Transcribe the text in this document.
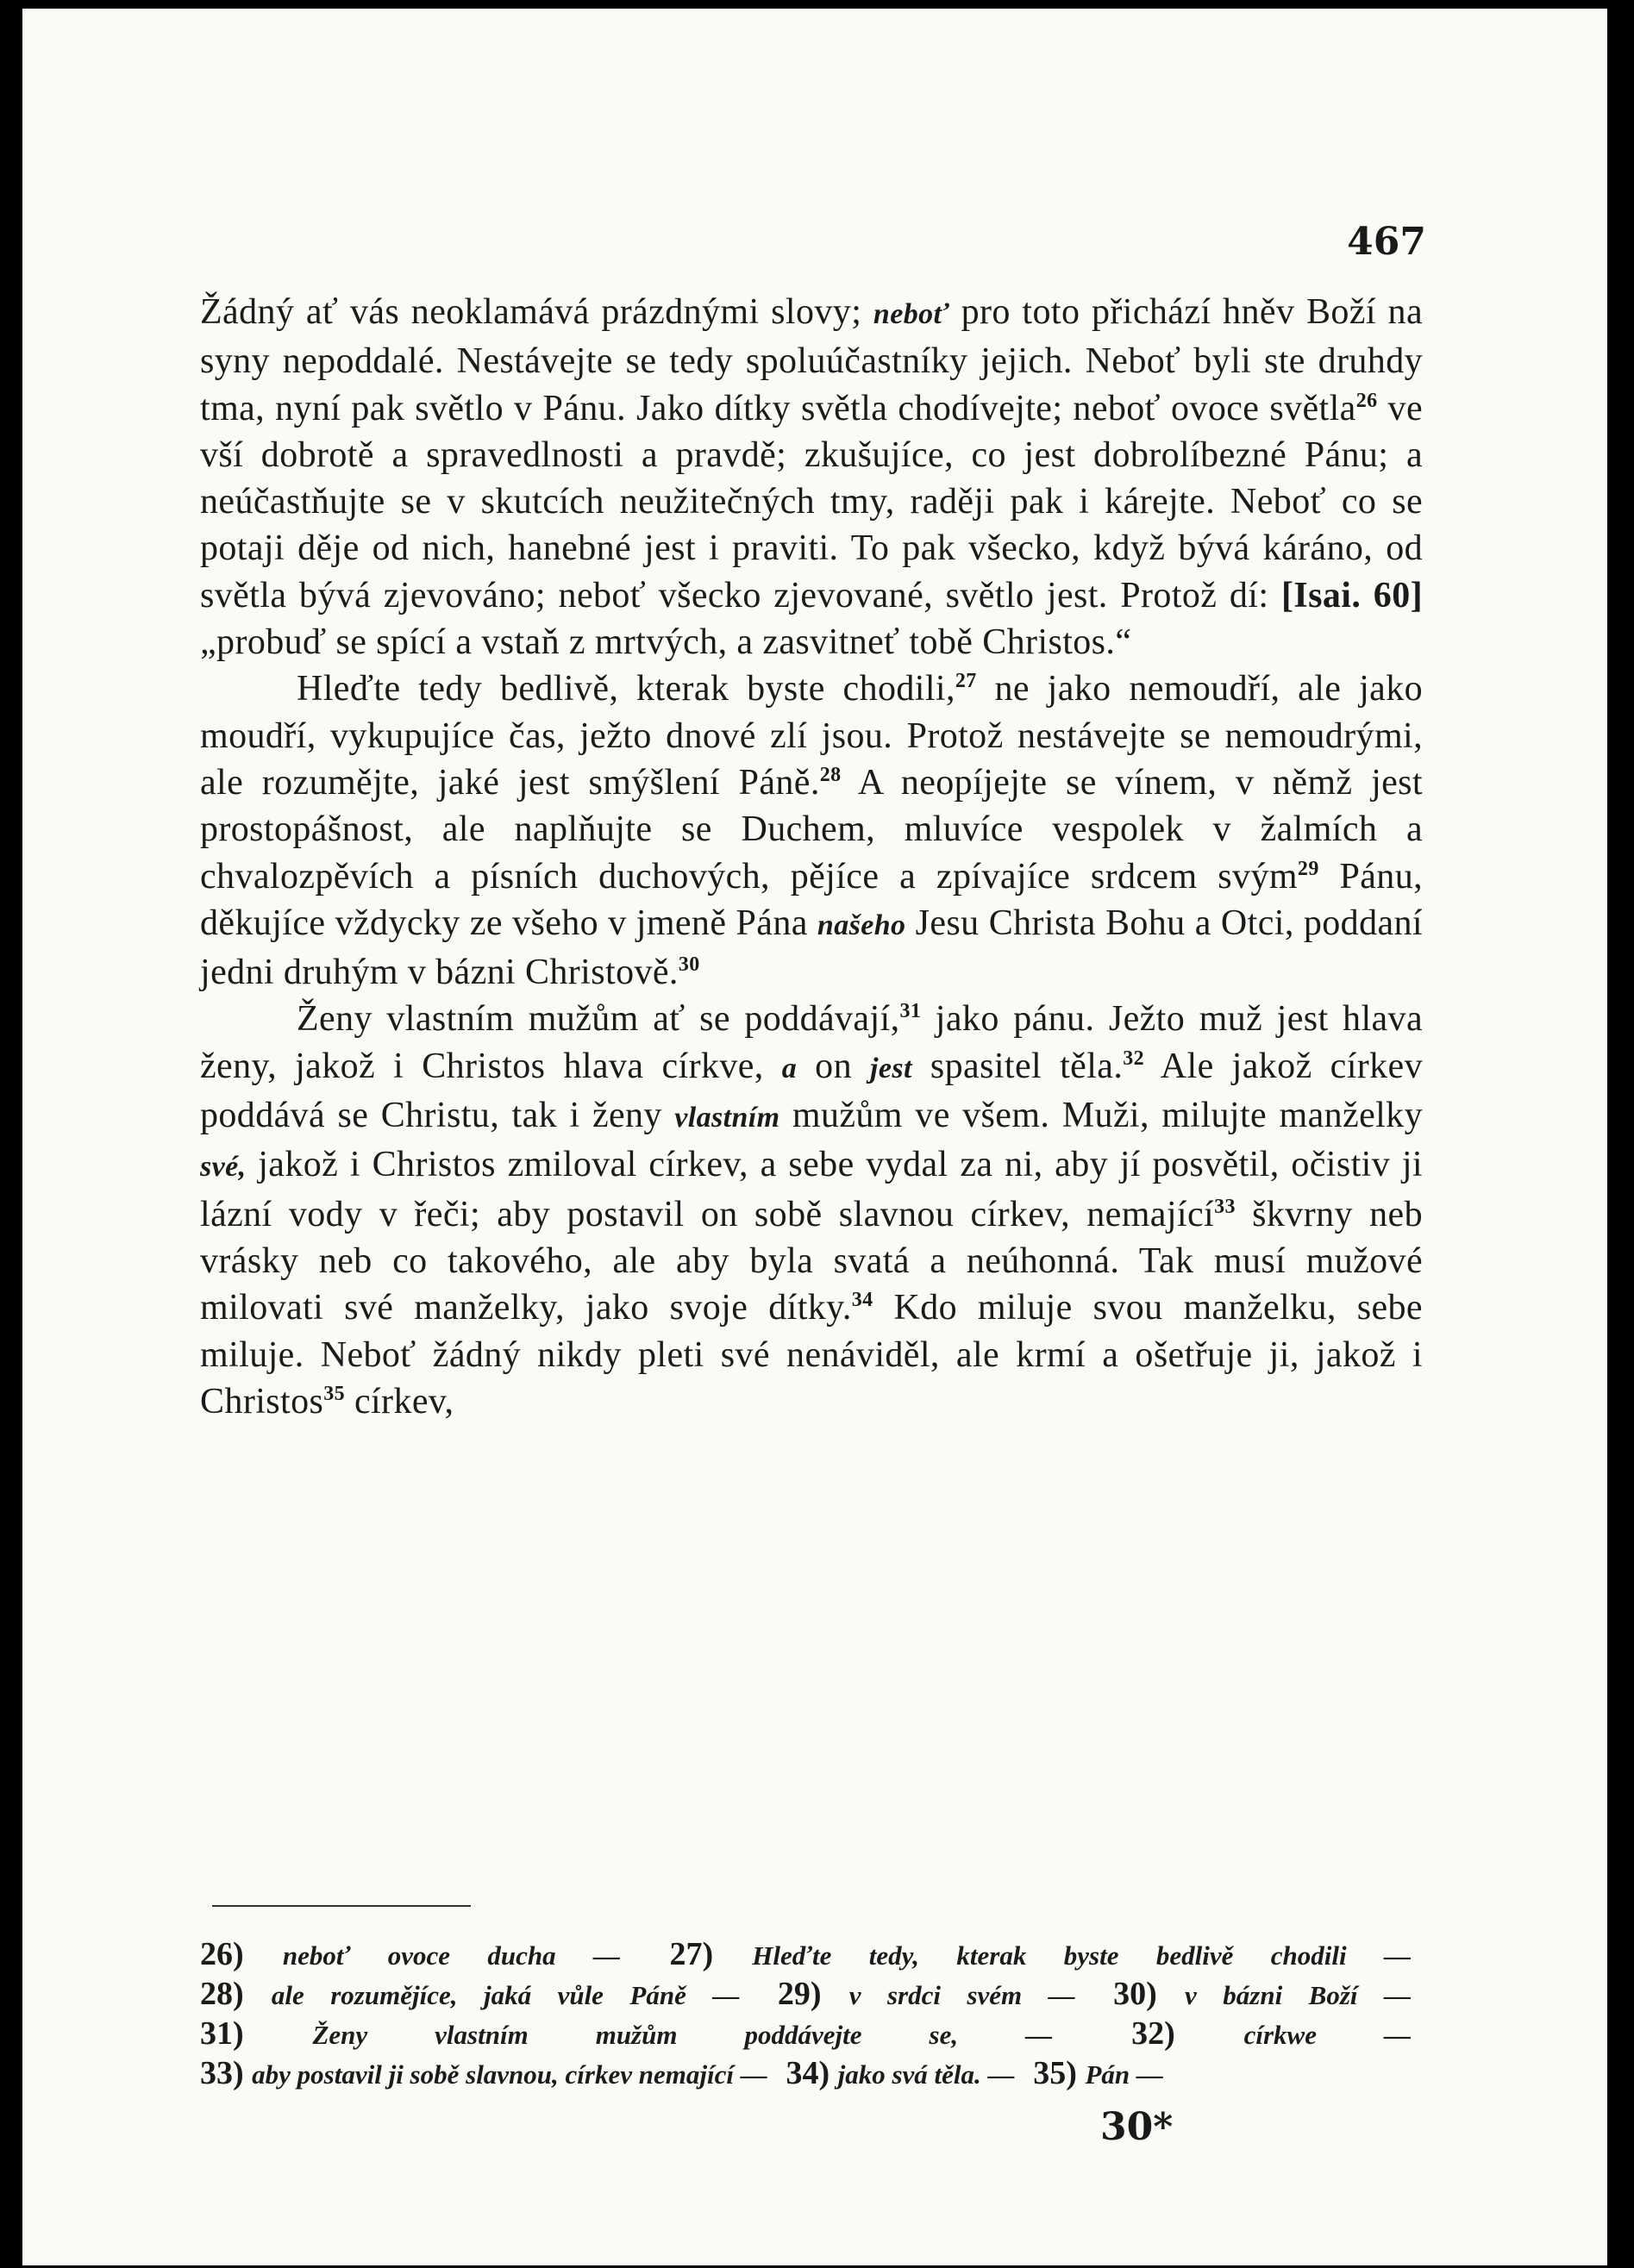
467

Žádný ať vás neoklamává prázdnými slovy; neboť pro toto přichází hněv Boží na syny nepoddalé. Nestávejte se tedy spoluúčastníky jejich. Neboť byli ste druhdy tma, nyní pak světlo v Pánu. Jako dítky světla chodívejte; neboť ovoce světla$^{26}$ ve vší dobrotě a spravedlnosti a pravdě; zkušujíce, co jest dobrolíbezné Pánu; a neúčastňujte se v skutcích neužitečných tmy, raději pak i kárejte. Neboť co se potaji děje od nich, hanebné jest i praviti. To pak všecko, když bývá káráno, od světla bývá zjevováno; neboť všecko zjevované, světlo jest. Protož dí: [Isai. 60] „probuď se spící a vstaň z mrtvých, a zasvitneť tobě Christos.“

Hleďte tedy bedlivě, kterak byste chodili,$^{27}$ ne jako nemoudří, ale jako moudří, vykupujíce čas, ježto dnové zlí jsou. Protož nestávejte se nemoudrými, ale rozumějte, jaké jest smýšlení Páně.$^{28}$ A neopíjejte se vínem, v němž jest prostopášnost, ale naplňujte se Duchem, mluvíce vespolek v žalmích a chvalozpěvích a písních duchových, pějíce a zpívajíce srdcem svým$^{29}$ Pánu, děkujíce vždycky ze všeho v jmeně Pána našeho Jesu Christa Bohu a Otci, poddaní jedni druhým v bázni Christově.$^{30}$

Ženy vlastním mužům ať se poddávají,$^{31}$ jako pánu. Ježto muž jest hlava ženy, jakož i Christos hlava církve, a on jest spasitel těla.$^{32}$ Ale jakož církev poddává se Christu, tak i ženy vlastním mužům ve všem. Muži, milujte manželky své, jakož i Christos zmiloval církev, a sebe vydal za ni, aby jí posvětil, očistiv ji lázní vody v řeči; aby postavil on sobě slavnou církev, nemající$^{33}$ škvrny neb vrásky neb co takového, ale aby byla svatá a neúhonná. Tak musí mužové milovati své manželky, jako svoje dítky.$^{34}$ Kdo miluje svou manželku, sebe miluje. Neboť žádný nikdy pleti své nenáviděl, ale krmí a ošetřuje ji, jakož i Christos$^{35}$ církev,

26) neboť ovoce ducha — 27) Hleďte tedy, kterak byste bedlivě chodili — 28) ale rozumějíce, jaká vůle Páně — 29) v srdci svém — 30) v bázni Boží — 31) Ženy vlastním mužům poddávejte se, — 32) církwe — 33) aby postavil ji sobě slavnou, církev nemající — 34) jako svá těla. — 35) Pán —
30*
